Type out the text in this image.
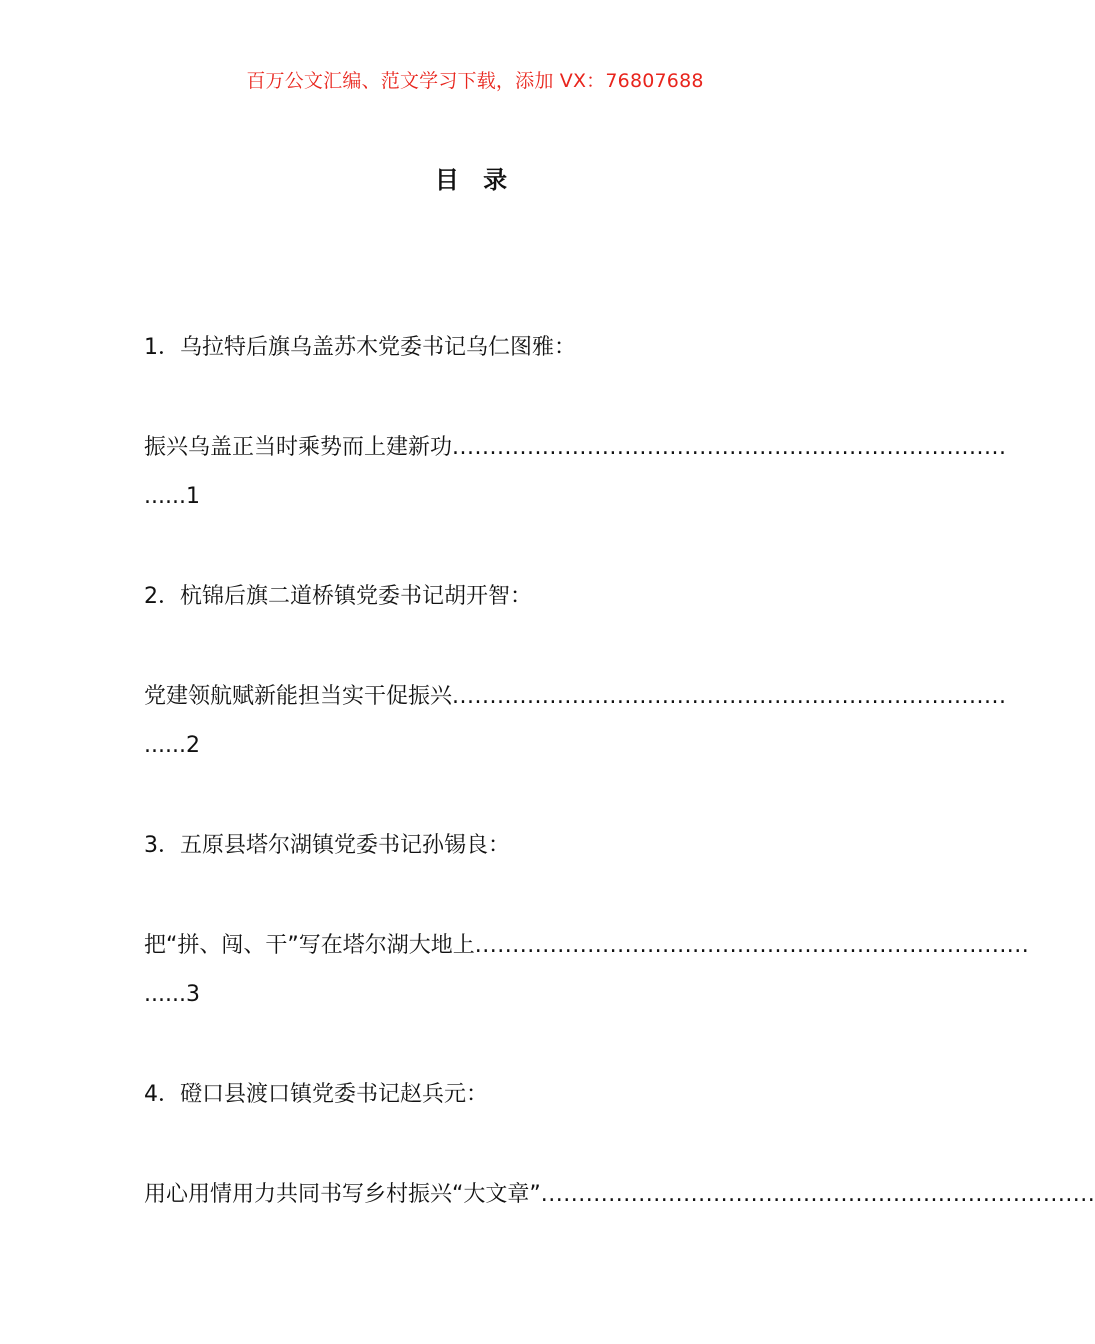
百万公文汇编、范文学习下载，添加 VX：76807688
目 录
1．乌拉特后旗乌盖苏木党委书记乌仁图雅：
振兴乌盖正当时乘势而上建新功 ..........................................................................
......1
2．杭锦后旗二道桥镇党委书记胡开智：
党建领航赋新能担当实干促振兴 ..........................................................................
......2
3．五原县塔尔湖镇党委书记孙锡良：
把“拼、闯、干”写在塔尔湖大地上 ..........................................................................
......3
4．磴口县渡口镇党委书记赵兵元：
用心用情用力共同书写乡村振兴“大文章” ..........................................................................
